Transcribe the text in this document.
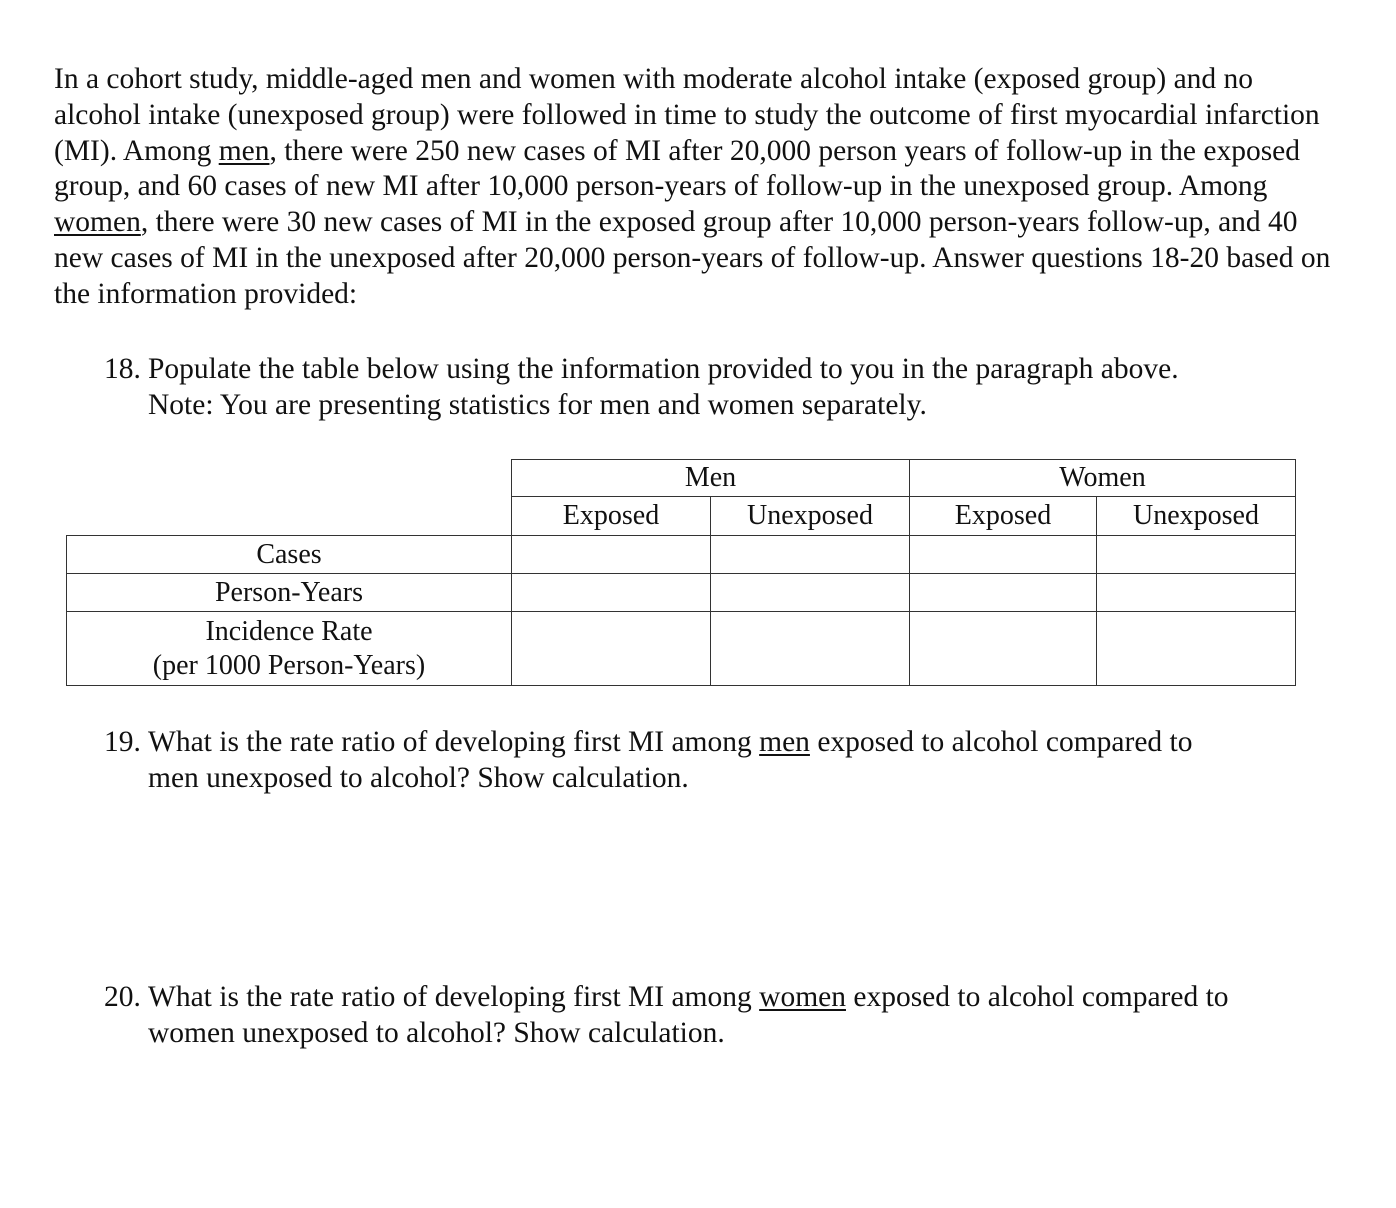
In a cohort study, middle-aged men and women with moderate alcohol intake (exposed group) and no alcohol intake (unexposed group) were followed in time to study the outcome of first myocardial infarction (MI). Among men, there were 250 new cases of MI after 20,000 person years of follow-up in the exposed group, and 60 cases of new MI after 10,000 person-years of follow-up in the unexposed group. Among women, there were 30 new cases of MI in the exposed group after 10,000 person-years follow-up, and 40 new cases of MI in the unexposed after 20,000 person-years of follow-up. Answer questions 18-20 based on the information provided:

18. Populate the table below using the information provided to you in the paragraph above.
Note: You are presenting statistics for men and women separately.
Men	Women
Exposed	Unexposed	Exposed	Unexposed
Cases
Person-Years
Incidence Rate
(per 1000 Person-Years)
19. What is the rate ratio of developing first MI among men exposed to alcohol compared to
men unexposed to alcohol? Show calculation.
20. What is the rate ratio of developing first MI among women exposed to alcohol compared to
women unexposed to alcohol? Show calculation.
